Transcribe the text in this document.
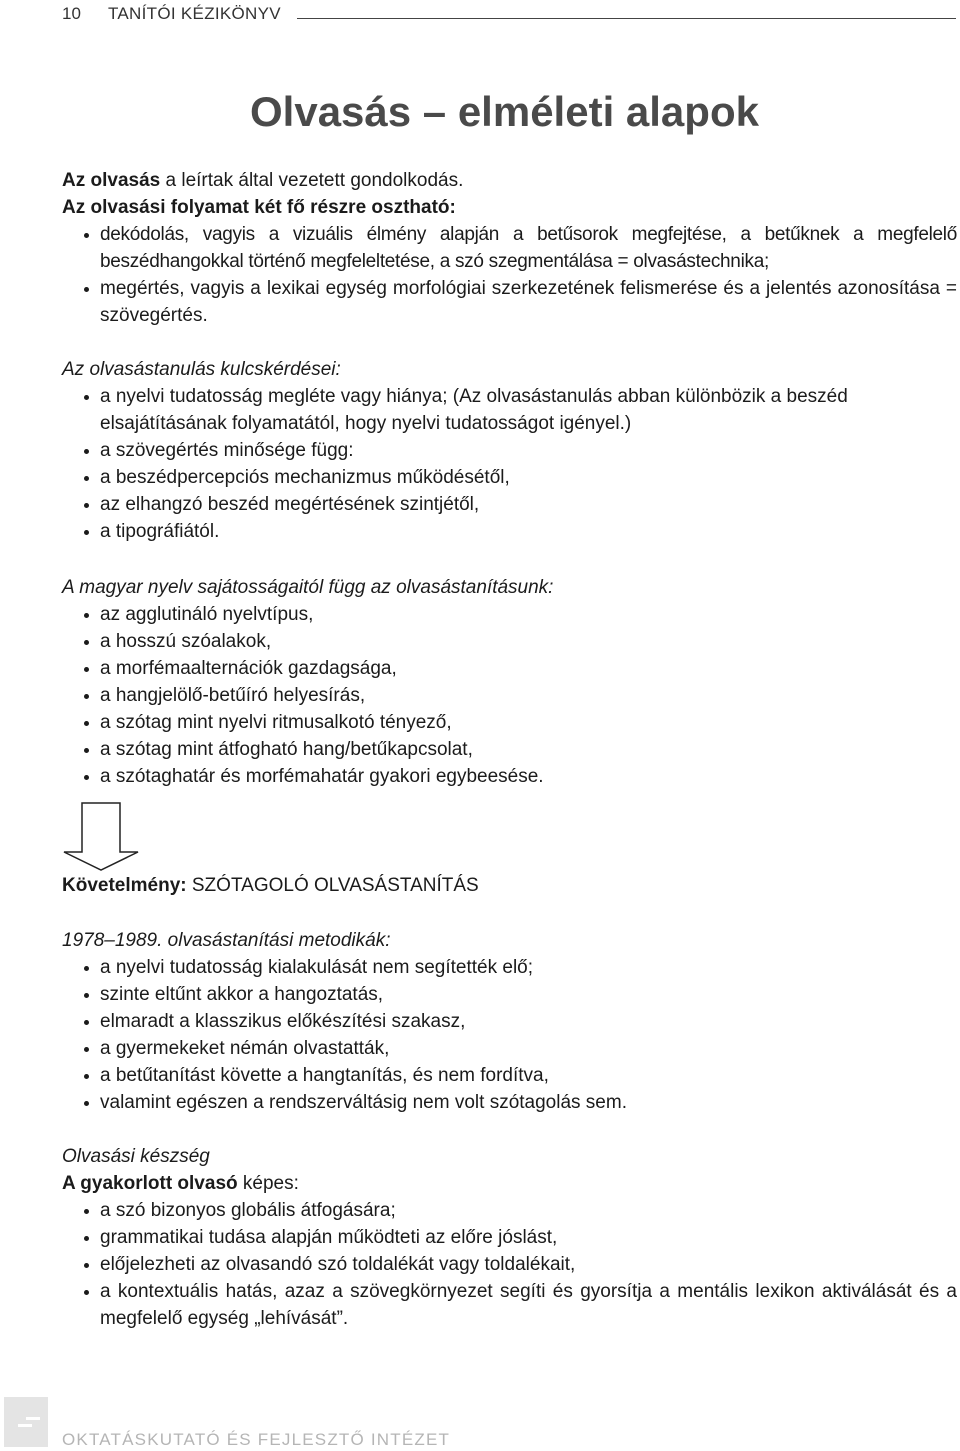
10 TANÍTÓI KÉZIKÖNYV
Olvasás – elméleti alapok

Az olvasás a leírtak által vezetett gondolkodás.

Az olvasási folyamat két fő részre osztható:

dekódolás, vagyis a vizuális élmény alapján a betűsorok megfejtése, a betűknek a megfelelő beszédhangokkal történő megfeleltetése, a szó szegmentálása = olvasástechnika;
megértés, vagyis a lexikai egység morfológiai szerkezetének felismerése és a jelentés azonosítása = szövegértés.

Az olvasástanulás kulcskérdései:

a nyelvi tudatosság megléte vagy hiánya; (Az olvasástanulás abban különbözik a beszéd elsajátításának folyamatától, hogy nyelvi tudatosságot igényel.)
a szövegértés minősége függ:
a beszédpercepciós mechanizmus működésétől,
az elhangzó beszéd megértésének szintjétől,
a tipográfiától.

A magyar nyelv sajátosságaitól függ az olvasástanításunk:

az agglutináló nyelvtípus,
a hosszú szóalakok,
a morfémaalternációk gazdagsága,
a hangjelölő-betűíró helyesírás,
a szótag mint nyelvi ritmusalkotó tényező,
a szótag mint átfogható hang/betűkapcsolat,
a szótaghatár és morfémahatár gyakori egybeesése.

Követelmény: SZÓTAGOLÓ OLVASÁSTANÍTÁS

1978–1989. olvasástanítási metodikák:

a nyelvi tudatosság kialakulását nem segítették elő;
szinte eltűnt akkor a hangoztatás,
elmaradt a klasszikus előkészítési szakasz,
a gyermekeket némán olvastatták,
a betűtanítást követte a hangtanítás, és nem fordítva,
valamint egészen a rendszerváltásig nem volt szótagolás sem.

Olvasási készség

A gyakorlott olvasó képes:

a szó bizonyos globális átfogására;
grammatikai tudása alapján működteti az előre jóslást,
előjelezheti az olvasandó szó toldalékát vagy toldalékait,
a kontextuális hatás, azaz a szövegkörnyezet segíti és gyorsítja a mentális lexikon aktiválását és a megfelelő egység „lehívását”.
OKTATÁSKUTATÓ ÉS FEJLESZTŐ INTÉZET
